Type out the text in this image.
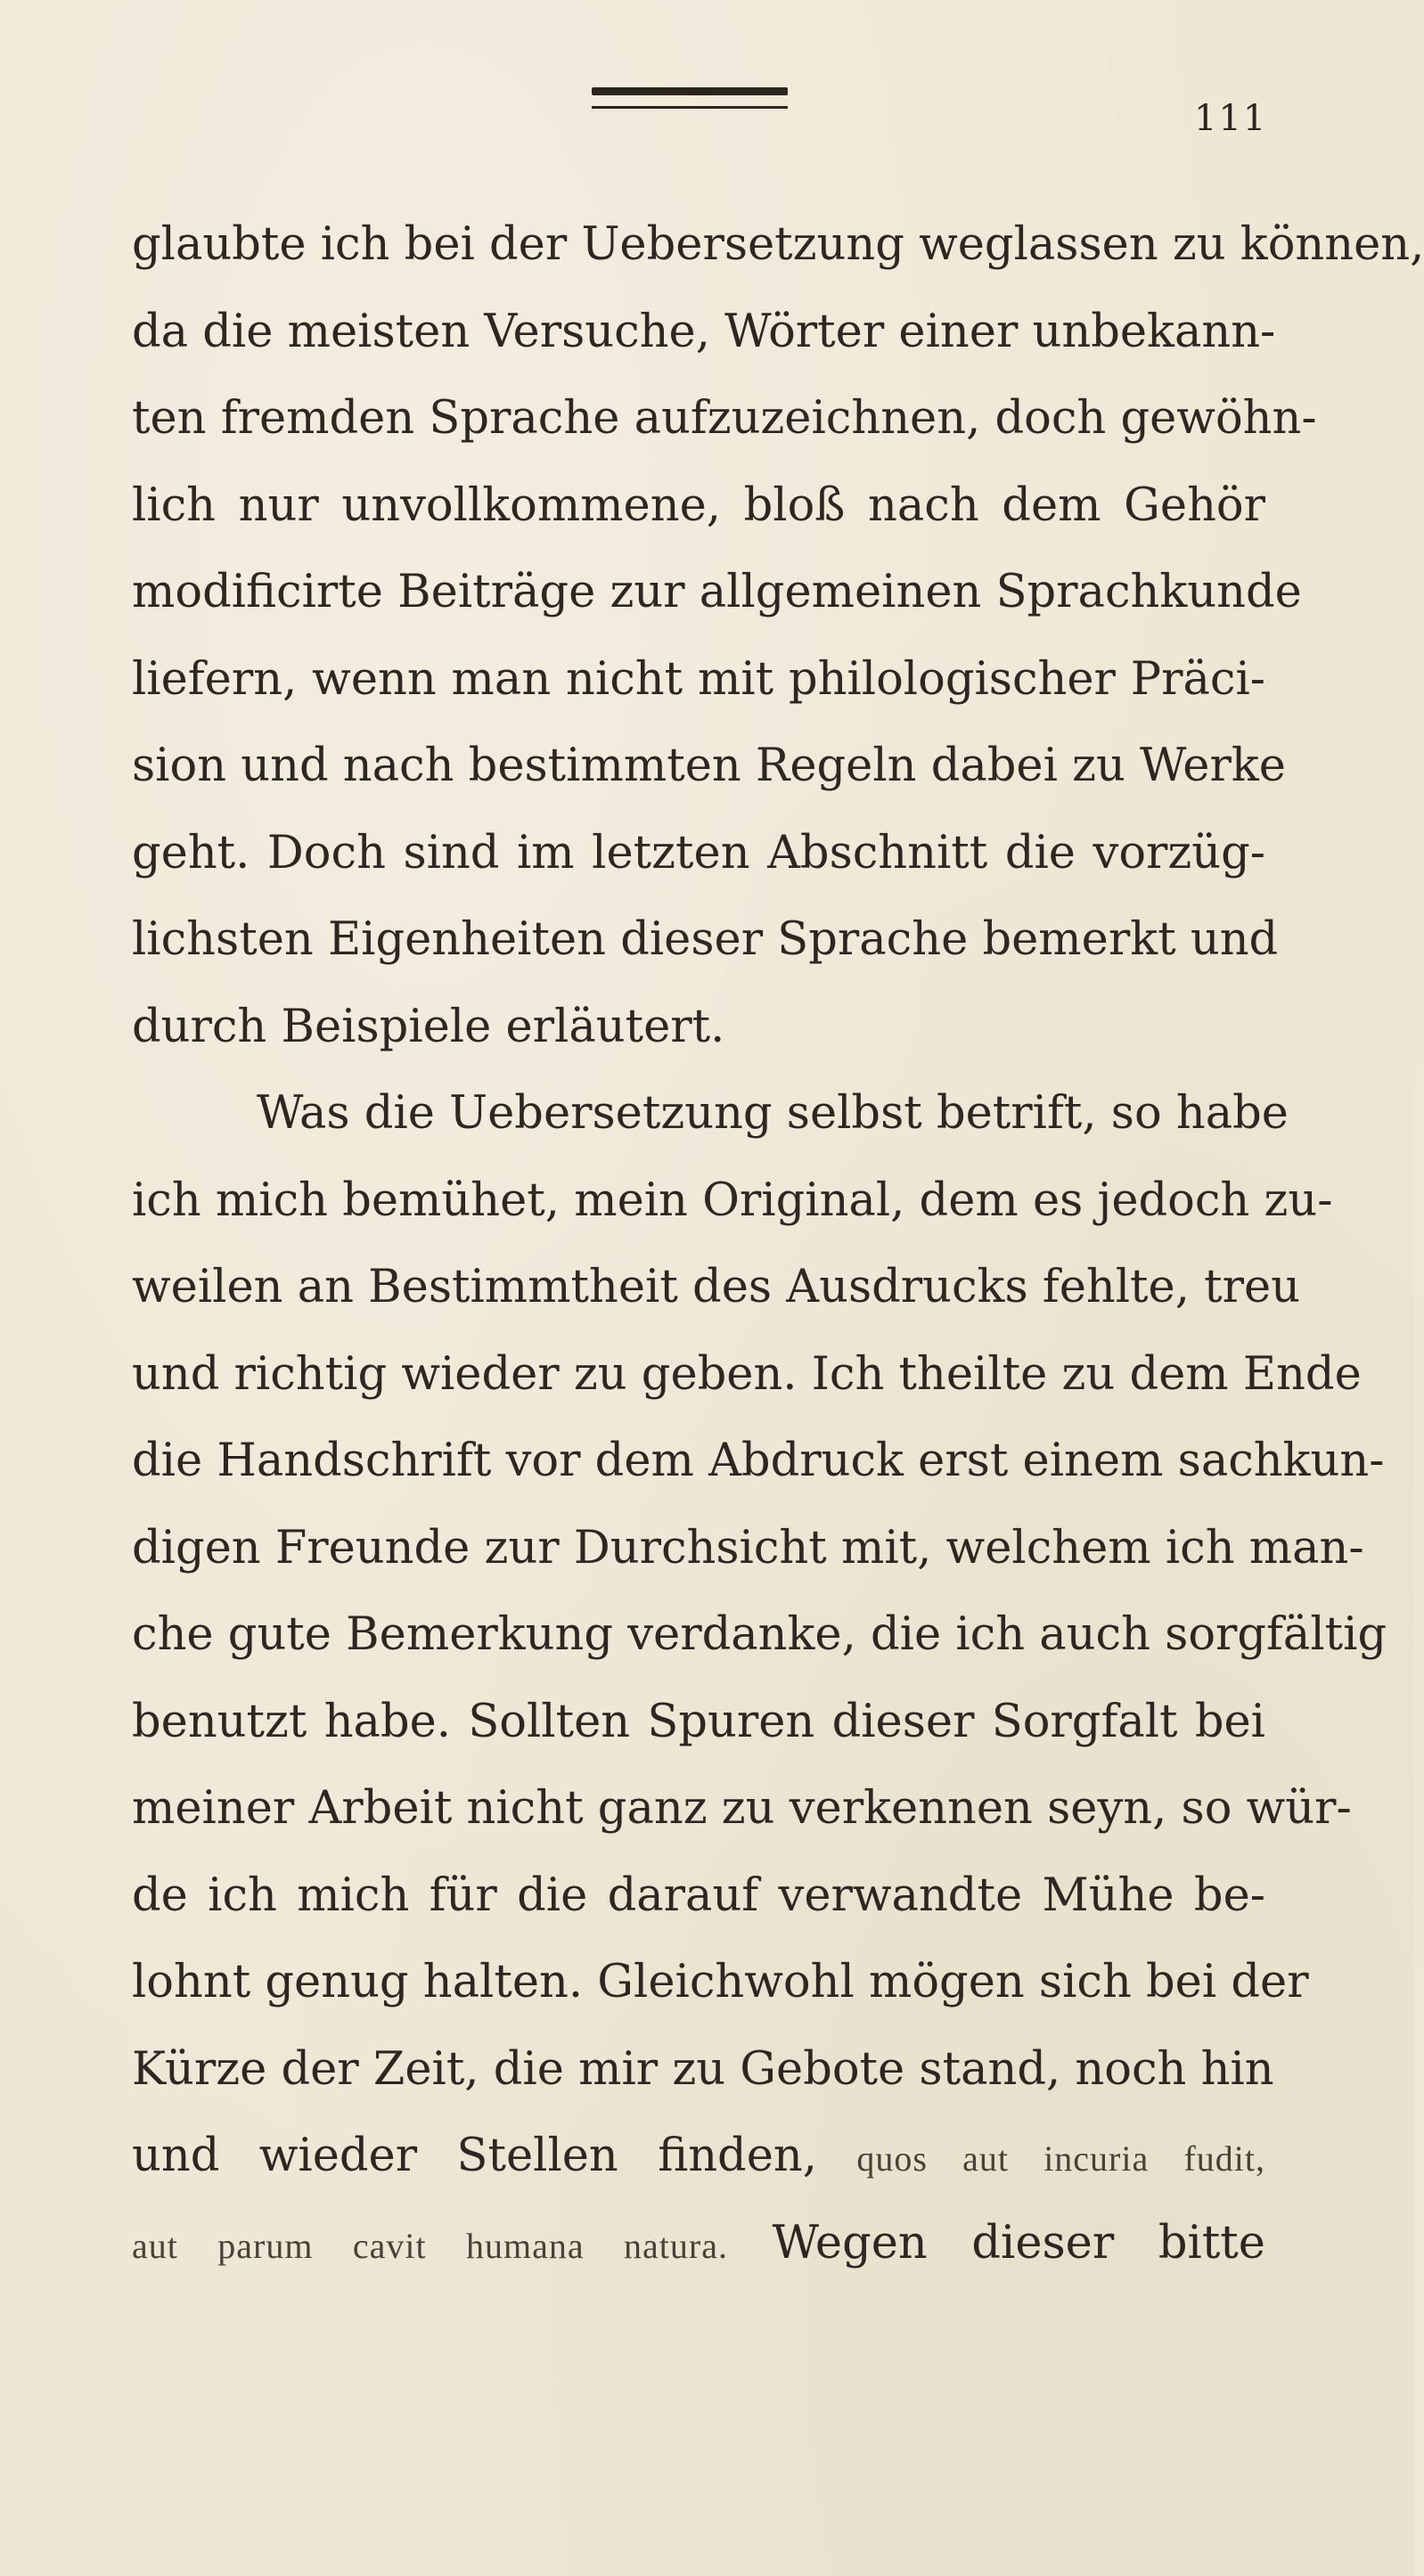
111
glaubte ich bei der Uebersetzung weglassen zu können,
da die meisten Versuche, Wörter einer unbekann-
ten fremden Sprache aufzuzeichnen, doch gewöhn-
lich nur unvollkommene, bloß nach dem Gehör
modificirte Beiträge zur allgemeinen Sprachkunde
liefern, wenn man nicht mit philologischer Präci-
sion und nach bestimmten Regeln dabei zu Werke
geht. Doch sind im letzten Abschnitt die vorzüg-
lichsten Eigenheiten dieser Sprache bemerkt und
durch Beispiele erläutert.
Was die Uebersetzung selbst betrift, so habe
ich mich bemühet, mein Original, dem es jedoch zu-
weilen an Bestimmtheit des Ausdrucks fehlte, treu
und richtig wieder zu geben. Ich theilte zu dem Ende
die Handschrift vor dem Abdruck erst einem sachkun-
digen Freunde zur Durchsicht mit, welchem ich man-
che gute Bemerkung verdanke, die ich auch sorgfältig
benutzt habe. Sollten Spuren dieser Sorgfalt bei
meiner Arbeit nicht ganz zu verkennen seyn, so wür-
de ich mich für die darauf verwandte Mühe be-
lohnt genug halten. Gleichwohl mögen sich bei der
Kürze der Zeit, die mir zu Gebote stand, noch hin
und wieder Stellen finden, quos aut incuria fudit,
aut parum cavit humana natura. Wegen dieser bitte
